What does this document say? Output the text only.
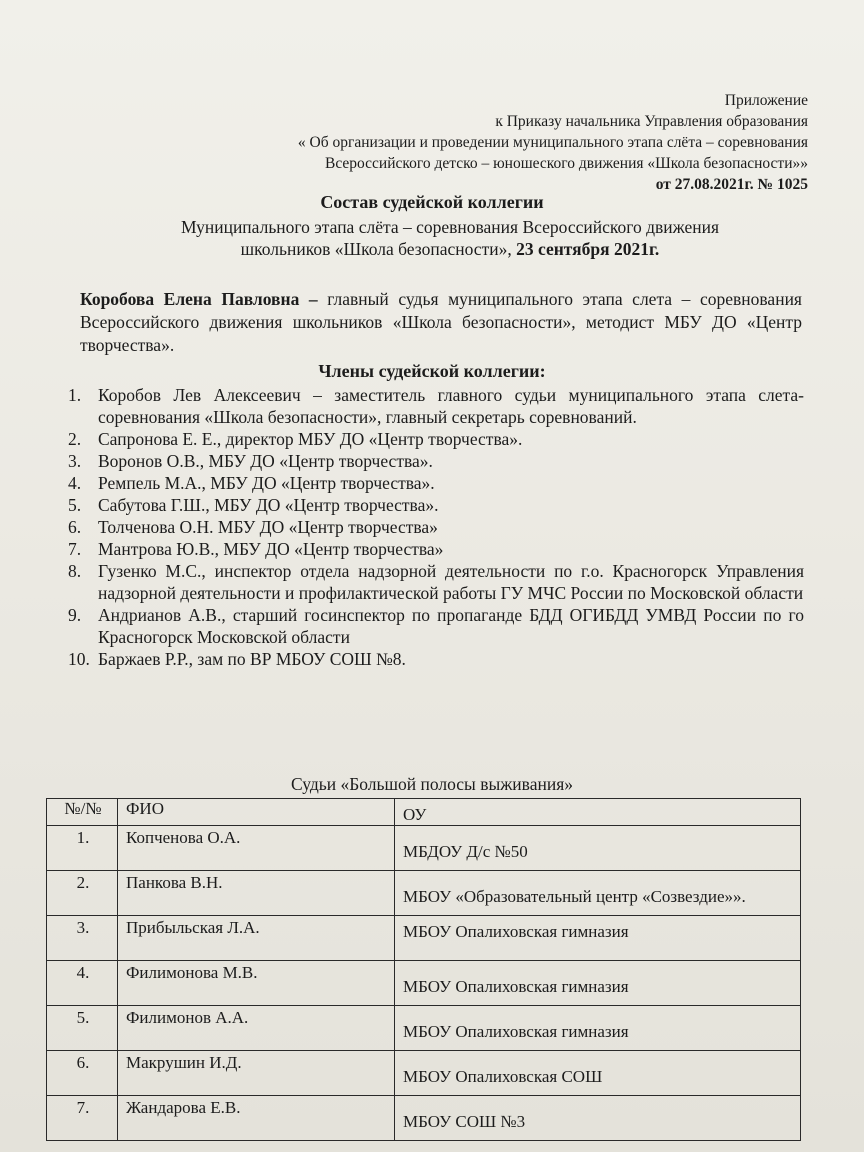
Приложение
к Приказу начальника Управления образования
« Об организации и проведении муниципального этапа слёта – соревнования
Всероссийского детско – юношеского движения «Школа безопасности»»
от 27.08.2021г. № 1025
Состав судейской коллегии
Муниципального этапа слёта – соревнования Всероссийского движения
школьников «Школа безопасности», 23 сентября 2021г.
Коробова Елена Павловна – главный судья муниципального этапа слета – соревнования Всероссийского движения школьников «Школа безопасности», методист МБУ ДО «Центр творчества».
Члены судейской коллегии:
1. Коробов Лев Алексеевич – заместитель главного судьи муниципального этапа слета-соревнования «Школа безопасности», главный секретарь соревнований.
2. Сапронова Е. Е., директор МБУ ДО «Центр творчества».
3. Воронов О.В., МБУ ДО «Центр творчества».
4. Ремпель М.А., МБУ ДО «Центр творчества».
5. Сабутова Г.Ш., МБУ ДО «Центр творчества».
6. Толченова О.Н. МБУ ДО «Центр творчества»
7. Мантрова Ю.В., МБУ ДО «Центр творчества»
8. Гузенко М.С., инспектор отдела надзорной деятельности по г.о. Красногорск Управления надзорной деятельности и профилактической работы ГУ МЧС России по Московской области
9. Андрианов А.В., старший госинспектор по пропаганде БДД ОГИБДД УМВД России по го Красногорск Московской области
10. Баржаев Р.Р., зам по ВР МБОУ СОШ №8.
Судьи «Большой полосы выживания»
№/№	ФИО	ОУ

1.	Копченова О.А.	МБДОУ Д/с №50

2.	Панкова В.Н.	МБОУ «Образовательный центр «Созвездие»».

3.	Прибыльская Л.А.	МБОУ Опалиховская гимназия

4.	Филимонова М.В.	МБОУ Опалиховская гимназия

5.	Филимонов А.А.	МБОУ Опалиховская гимназия

6.	Макрушин И.Д.	МБОУ Опалиховская СОШ

7.	Жандарова Е.В.	МБОУ СОШ №3
